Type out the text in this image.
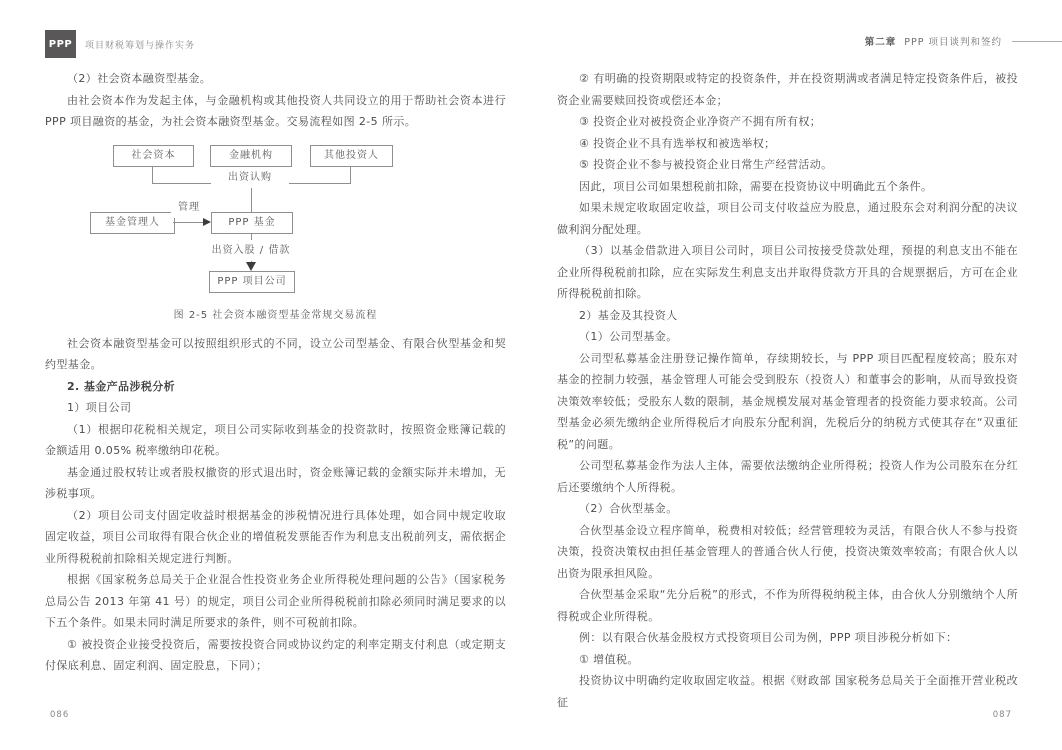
PPP	项目财税筹划与操作实务	第二章 PPP 项目谈判和签约

（2）社会资本融资型基金。

由社会资本作为发起主体，与金融机构或其他投资人共同设立的用于帮助社会资本进行PPP 项目融资的基金，为社会资本融资型基金。交易流程如图 2-5 所示。

社会资本	金融机构	其他投资人
出资认购
基金管理人
管理
PPP 基金
出资入股 / 借款
PPP 项目公司
图 2-5 社会资本融资型基金常规交易流程

社会资本融资型基金可以按照组织形式的不同，设立公司型基金、有限合伙型基金和契约型基金。

2. 基金产品涉税分析

1）项目公司

（1）根据印花税相关规定，项目公司实际收到基金的投资款时，按照资金账簿记载的金额适用 0.05% 税率缴纳印花税。

基金通过股权转让或者股权撤资的形式退出时，资金账簿记载的金额实际并未增加，无涉税事项。

（2）项目公司支付固定收益时根据基金的涉税情况进行具体处理，如合同中规定收取固定收益，项目公司取得有限合伙企业的增值税发票能否作为利息支出税前列支，需依据企业所得税税前扣除相关规定进行判断。

根据《国家税务总局关于企业混合性投资业务企业所得税处理问题的公告》（国家税务总局公告 2013 年第 41 号）的规定，项目公司企业所得税税前扣除必须同时满足要求的以下五个条件。如果未同时满足所要求的条件，则不可税前扣除。

① 被投资企业接受投资后，需要按投资合同或协议约定的利率定期支付利息（或定期支付保底利息、固定利润、固定股息，下同）；

② 有明确的投资期限或特定的投资条件，并在投资期满或者满足特定投资条件后，被投资企业需要赎回投资或偿还本金；

③ 投资企业对被投资企业净资产不拥有所有权；

④ 投资企业不具有选举权和被选举权；

⑤ 投资企业不参与被投资企业日常生产经营活动。

因此，项目公司如果想税前扣除，需要在投资协议中明确此五个条件。

如果未规定收取固定收益，项目公司支付收益应为股息，通过股东会对利润分配的决议做利润分配处理。

（3）以基金借款进入项目公司时，项目公司按接受贷款处理，预提的利息支出不能在企业所得税税前扣除，应在实际发生利息支出并取得贷款方开具的合规票据后，方可在企业所得税税前扣除。

2）基金及其投资人

（1）公司型基金。

公司型私募基金注册登记操作简单，存续期较长，与 PPP 项目匹配程度较高；股东对基金的控制力较强，基金管理人可能会受到股东（投资人）和董事会的影响，从而导致投资决策效率较低；受股东人数的限制，基金规模发展对基金管理者的投资能力要求较高。公司型基金必须先缴纳企业所得税后才向股东分配利润，先税后分的纳税方式使其存在“双重征税”的问题。

公司型私募基金作为法人主体，需要依法缴纳企业所得税；投资人作为公司股东在分红后还要缴纳个人所得税。

（2）合伙型基金。

合伙型基金设立程序简单，税费相对较低；经营管理较为灵活，有限合伙人不参与投资决策，投资决策权由担任基金管理人的普通合伙人行使，投资决策效率较高；有限合伙人以出资为限承担风险。

合伙型基金采取“先分后税”的形式，不作为所得税纳税主体，由合伙人分别缴纳个人所得税或企业所得税。

例：以有限合伙基金股权方式投资项目公司为例，PPP 项目涉税分析如下：

① 增值税。

投资协议中明确约定收取固定收益。根据《财政部 国家税务总局关于全面推开营业税改征

086	087
